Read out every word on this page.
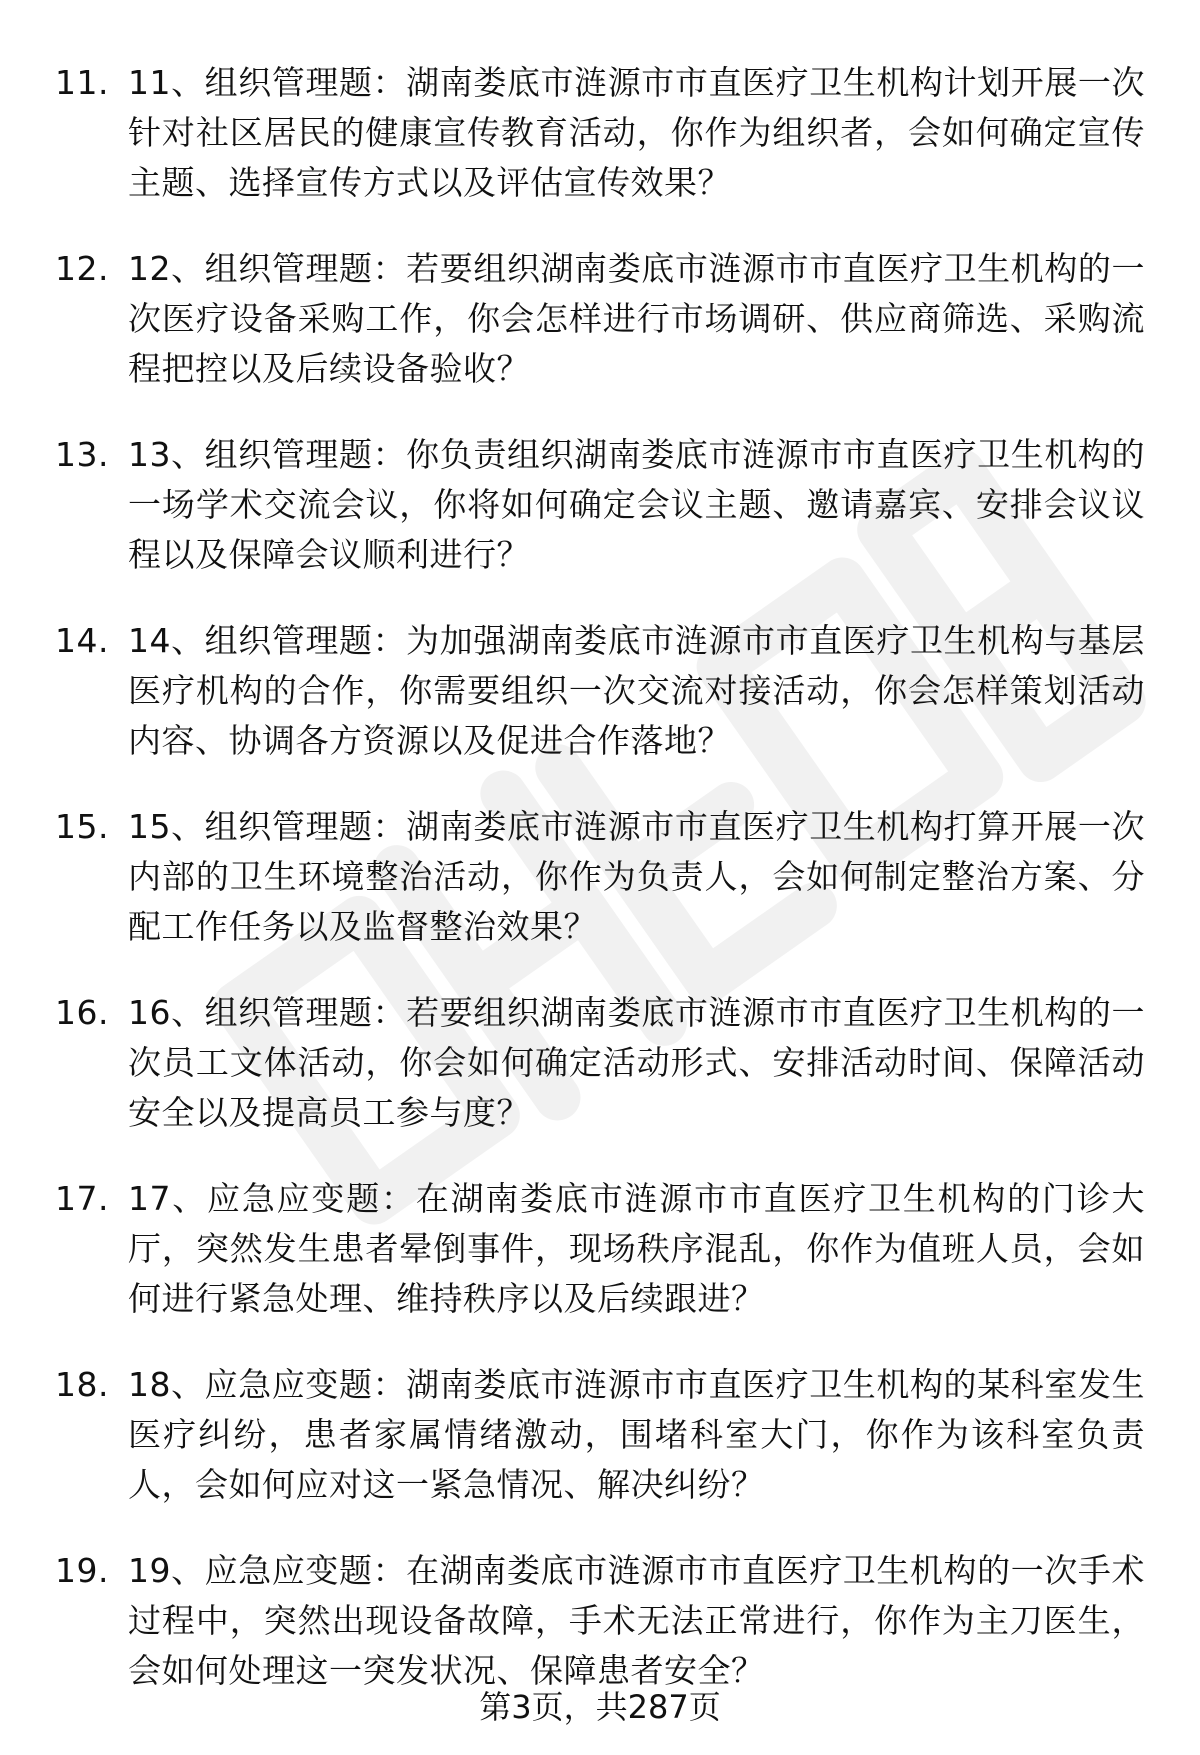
11. 11、组织管理题：湖南娄底市涟源市市直医疗卫生机构计划开展一次针对社区居民的健康宣传教育活动，你作为组织者，会如何确定宣传主题、选择宣传方式以及评估宣传效果？
12. 12、组织管理题：若要组织湖南娄底市涟源市市直医疗卫生机构的一次医疗设备采购工作，你会怎样进行市场调研、供应商筛选、采购流程把控以及后续设备验收？
13. 13、组织管理题：你负责组织湖南娄底市涟源市市直医疗卫生机构的一场学术交流会议，你将如何确定会议主题、邀请嘉宾、安排会议议程以及保障会议顺利进行？
14. 14、组织管理题：为加强湖南娄底市涟源市市直医疗卫生机构与基层医疗机构的合作，你需要组织一次交流对接活动，你会怎样策划活动内容、协调各方资源以及促进合作落地？
15. 15、组织管理题：湖南娄底市涟源市市直医疗卫生机构打算开展一次内部的卫生环境整治活动，你作为负责人，会如何制定整治方案、分配工作任务以及监督整治效果？
16. 16、组织管理题：若要组织湖南娄底市涟源市市直医疗卫生机构的一次员工文体活动，你会如何确定活动形式、安排活动时间、保障活动安全以及提高员工参与度？
17. 17、应急应变题：在湖南娄底市涟源市市直医疗卫生机构的门诊大厅，突然发生患者晕倒事件，现场秩序混乱，你作为值班人员，会如何进行紧急处理、维持秩序以及后续跟进？
18. 18、应急应变题：湖南娄底市涟源市市直医疗卫生机构的某科室发生医疗纠纷，患者家属情绪激动，围堵科室大门，你作为该科室负责人，会如何应对这一紧急情况、解决纠纷？
19. 19、应急应变题：在湖南娄底市涟源市市直医疗卫生机构的一次手术过程中，突然出现设备故障，手术无法正常进行，你作为主刀医生，会如何处理这一突发状况、保障患者安全？
第3页，共287页
